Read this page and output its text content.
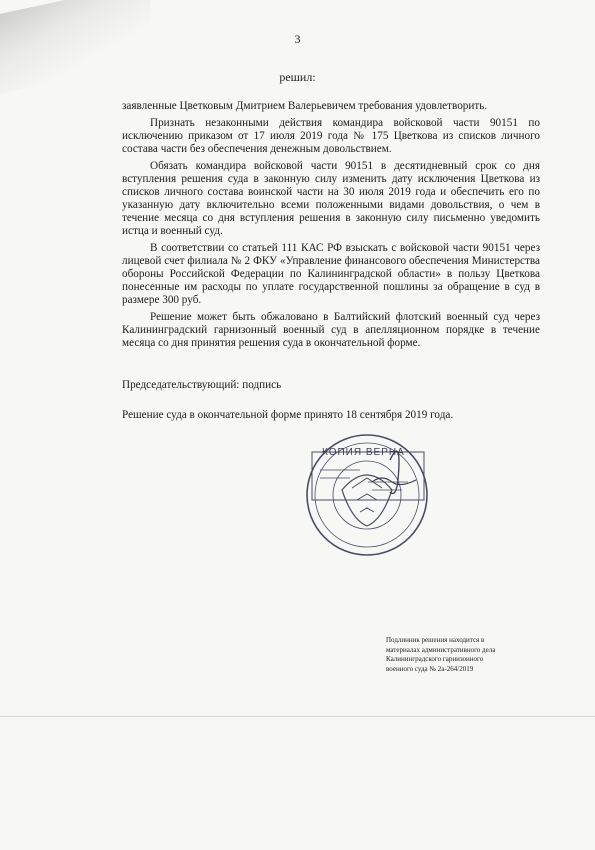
3
решил:

заявленные Цветковым Дмитрием Валерьевичем требования удовлетворить.

Признать незаконными действия командира войсковой части 90151 по исключению приказом от 17 июля 2019 года № 175 Цветкова из списков личного состава части без обеспечения денежным довольствием.

Обязать командира войсковой части 90151 в десятидневный срок со дня вступления решения суда в законную силу изменить дату исключения Цветкова из списков личного состава воинской части на 30 июля 2019 года и обеспечить его по указанную дату включительно всеми положенными видами довольствия, о чем в течение месяца со дня вступления решения в законную силу письменно уведомить истца и военный суд.

В соответствии со статьей 111 КАС РФ взыскать с войсковой части 90151 через лицевой счет филиала № 2 ФКУ «Управление финансового обеспечения Министерства обороны Российской Федерации по Калининградской области» в пользу Цветкова понесенные им расходы по уплате государственной пошлины за обращение в суд в размере 300 руб.

Решение может быть обжаловано в Балтийский флотский военный суд через Калининградский гарнизонный военный суд в апелляционном порядке в течение месяца со дня принятия решения суда в окончательной форме.

Председательствующий: подпись
Решение суда в окончательной форме принято 18 сентября 2019 года.
КОПИЯ ВЕРНА
Подлинник решения находится в
материалах административного дела
Калининградского гарнизонного
военного суда № 2а-264/2019
